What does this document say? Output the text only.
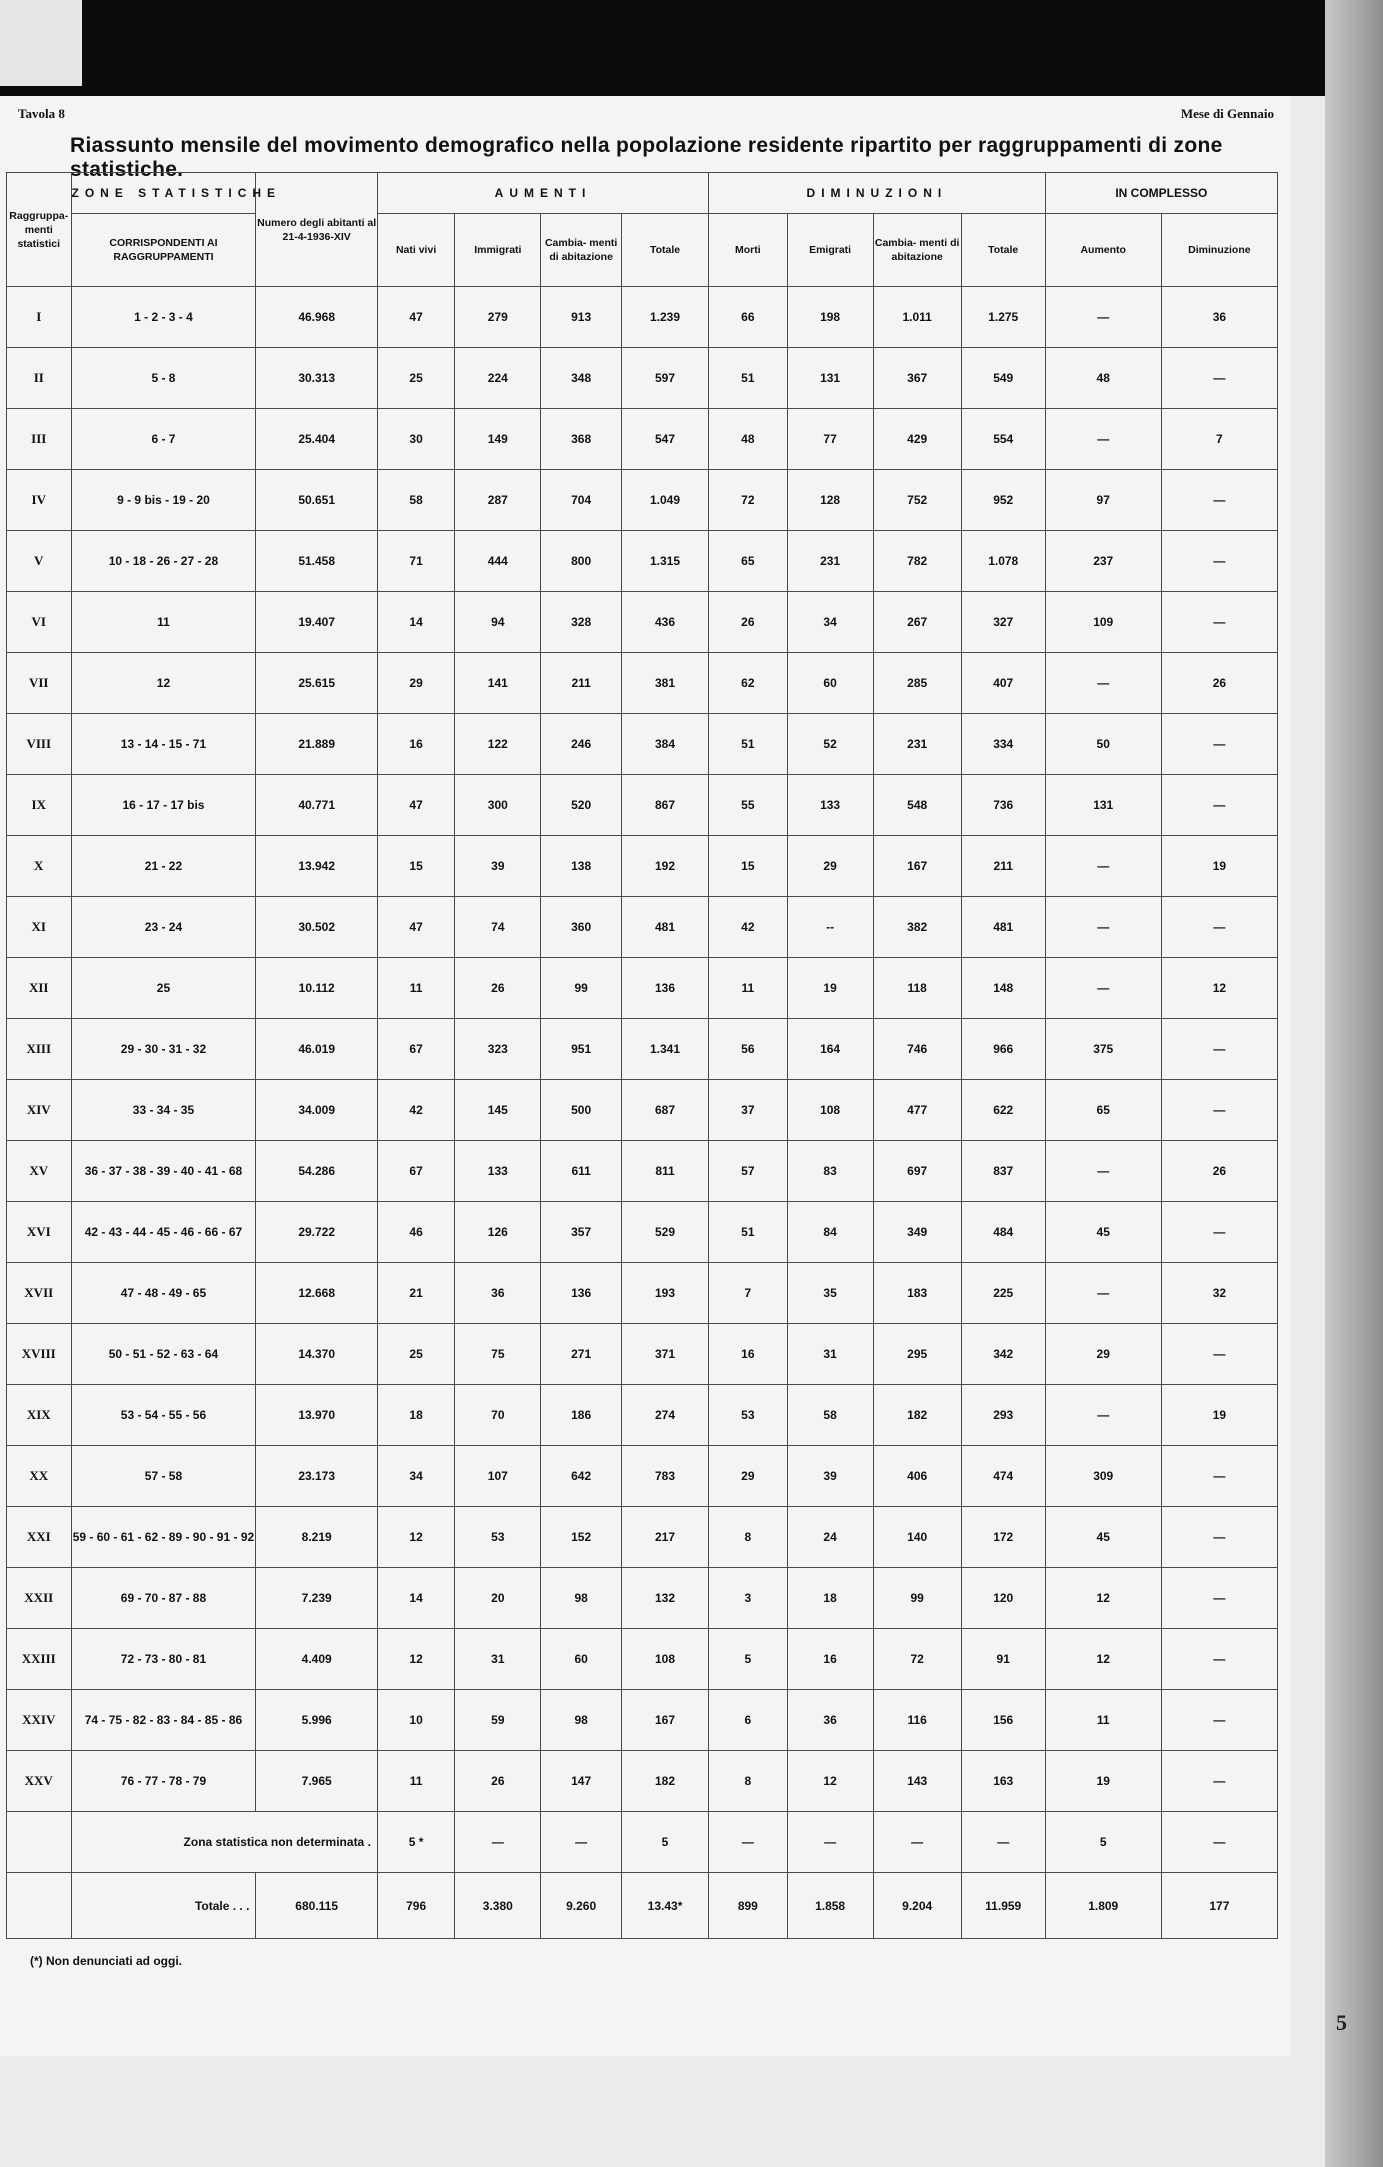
Tavola 8	Mese di Gennaio
Riassunto mensile del movimento demografico nella popolazione residente ripartito per raggruppamenti di zone statistiche.
Raggruppa- menti statistici	ZONE STATISTICHE	Numero degli abitanti al 21-4-1936-XIV	AUMENTI				DIMINUZIONI				IN COMPLESSO	
	CORRISPONDENTI AI RAGGRUPPAMENTI		Nati vivi	Immigrati	Cambia- menti di abitazione	Totale	Morti	Emigrati	Cambia- menti di abitazione	Totale	Aumento	Diminuzione
I	1 - 2 - 3 - 4	46.968	47	279	913	1.239	66	198	1.011	1.275	—	36
II	5 - 8	30.313	25	224	348	597	51	131	367	549	48	—
III	6 - 7	25.404	30	149	368	547	48	77	429	554	—	7
IV	9 - 9 bis - 19 - 20	50.651	58	287	704	1.049	72	128	752	952	97	—
V	10 - 18 - 26 - 27 - 28	51.458	71	444	800	1.315	65	231	782	1.078	237	—
VI	11	19.407	14	94	328	436	26	34	267	327	109	—
VII	12	25.615	29	141	211	381	62	60	285	407	—	26
VIII	13 - 14 - 15 - 71	21.889	16	122	246	384	51	52	231	334	50	—
IX	16 - 17 - 17 bis	40.771	47	300	520	867	55	133	548	736	131	—
X	21 - 22	13.942	15	39	138	192	15	29	167	211	—	19
XI	23 - 24	30.502	47	74	360	481	42	--	382	481	—	—
XII	25	10.112	11	26	99	136	11	19	118	148	—	12
XIII	29 - 30 - 31 - 32	46.019	67	323	951	1.341	56	164	746	966	375	—
XIV	33 - 34 - 35	34.009	42	145	500	687	37	108	477	622	65	—
XV	36 - 37 - 38 - 39 - 40 - 41 - 68	54.286	67	133	611	811	57	83	697	837	—	26
XVI	42 - 43 - 44 - 45 - 46 - 66 - 67	29.722	46	126	357	529	51	84	349	484	45	—
XVII	47 - 48 - 49 - 65	12.668	21	36	136	193	7	35	183	225	—	32
XVIII	50 - 51 - 52 - 63 - 64	14.370	25	75	271	371	16	31	295	342	29	—
XIX	53 - 54 - 55 - 56	13.970	18	70	186	274	53	58	182	293	—	19
XX	57 - 58	23.173	34	107	642	783	29	39	406	474	309	—
XXI	59 - 60 - 61 - 62 - 89 - 90 - 91 - 92	8.219	12	53	152	217	8	24	140	172	45	—
XXII	69 - 70 - 87 - 88	7.239	14	20	98	132	3	18	99	120	12	—
XXIII	72 - 73 - 80 - 81	4.409	12	31	60	108	5	16	72	91	12	—
XXIV	74 - 75 - 82 - 83 - 84 - 85 - 86	5.996	10	59	98	167	6	36	116	156	11	—
XXV	76 - 77 - 78 - 79	7.965	11	26	147	182	8	12	143	163	19	—
	Zona statistica non determinata .		5 *	—	—	5	—	—	—	—	5	—
	Totale . . .	680.115	796	3.380	9.260	13.43*	899	1.858	9.204	11.959	1.809	177
(*) Non denunciati ad oggi.
5
